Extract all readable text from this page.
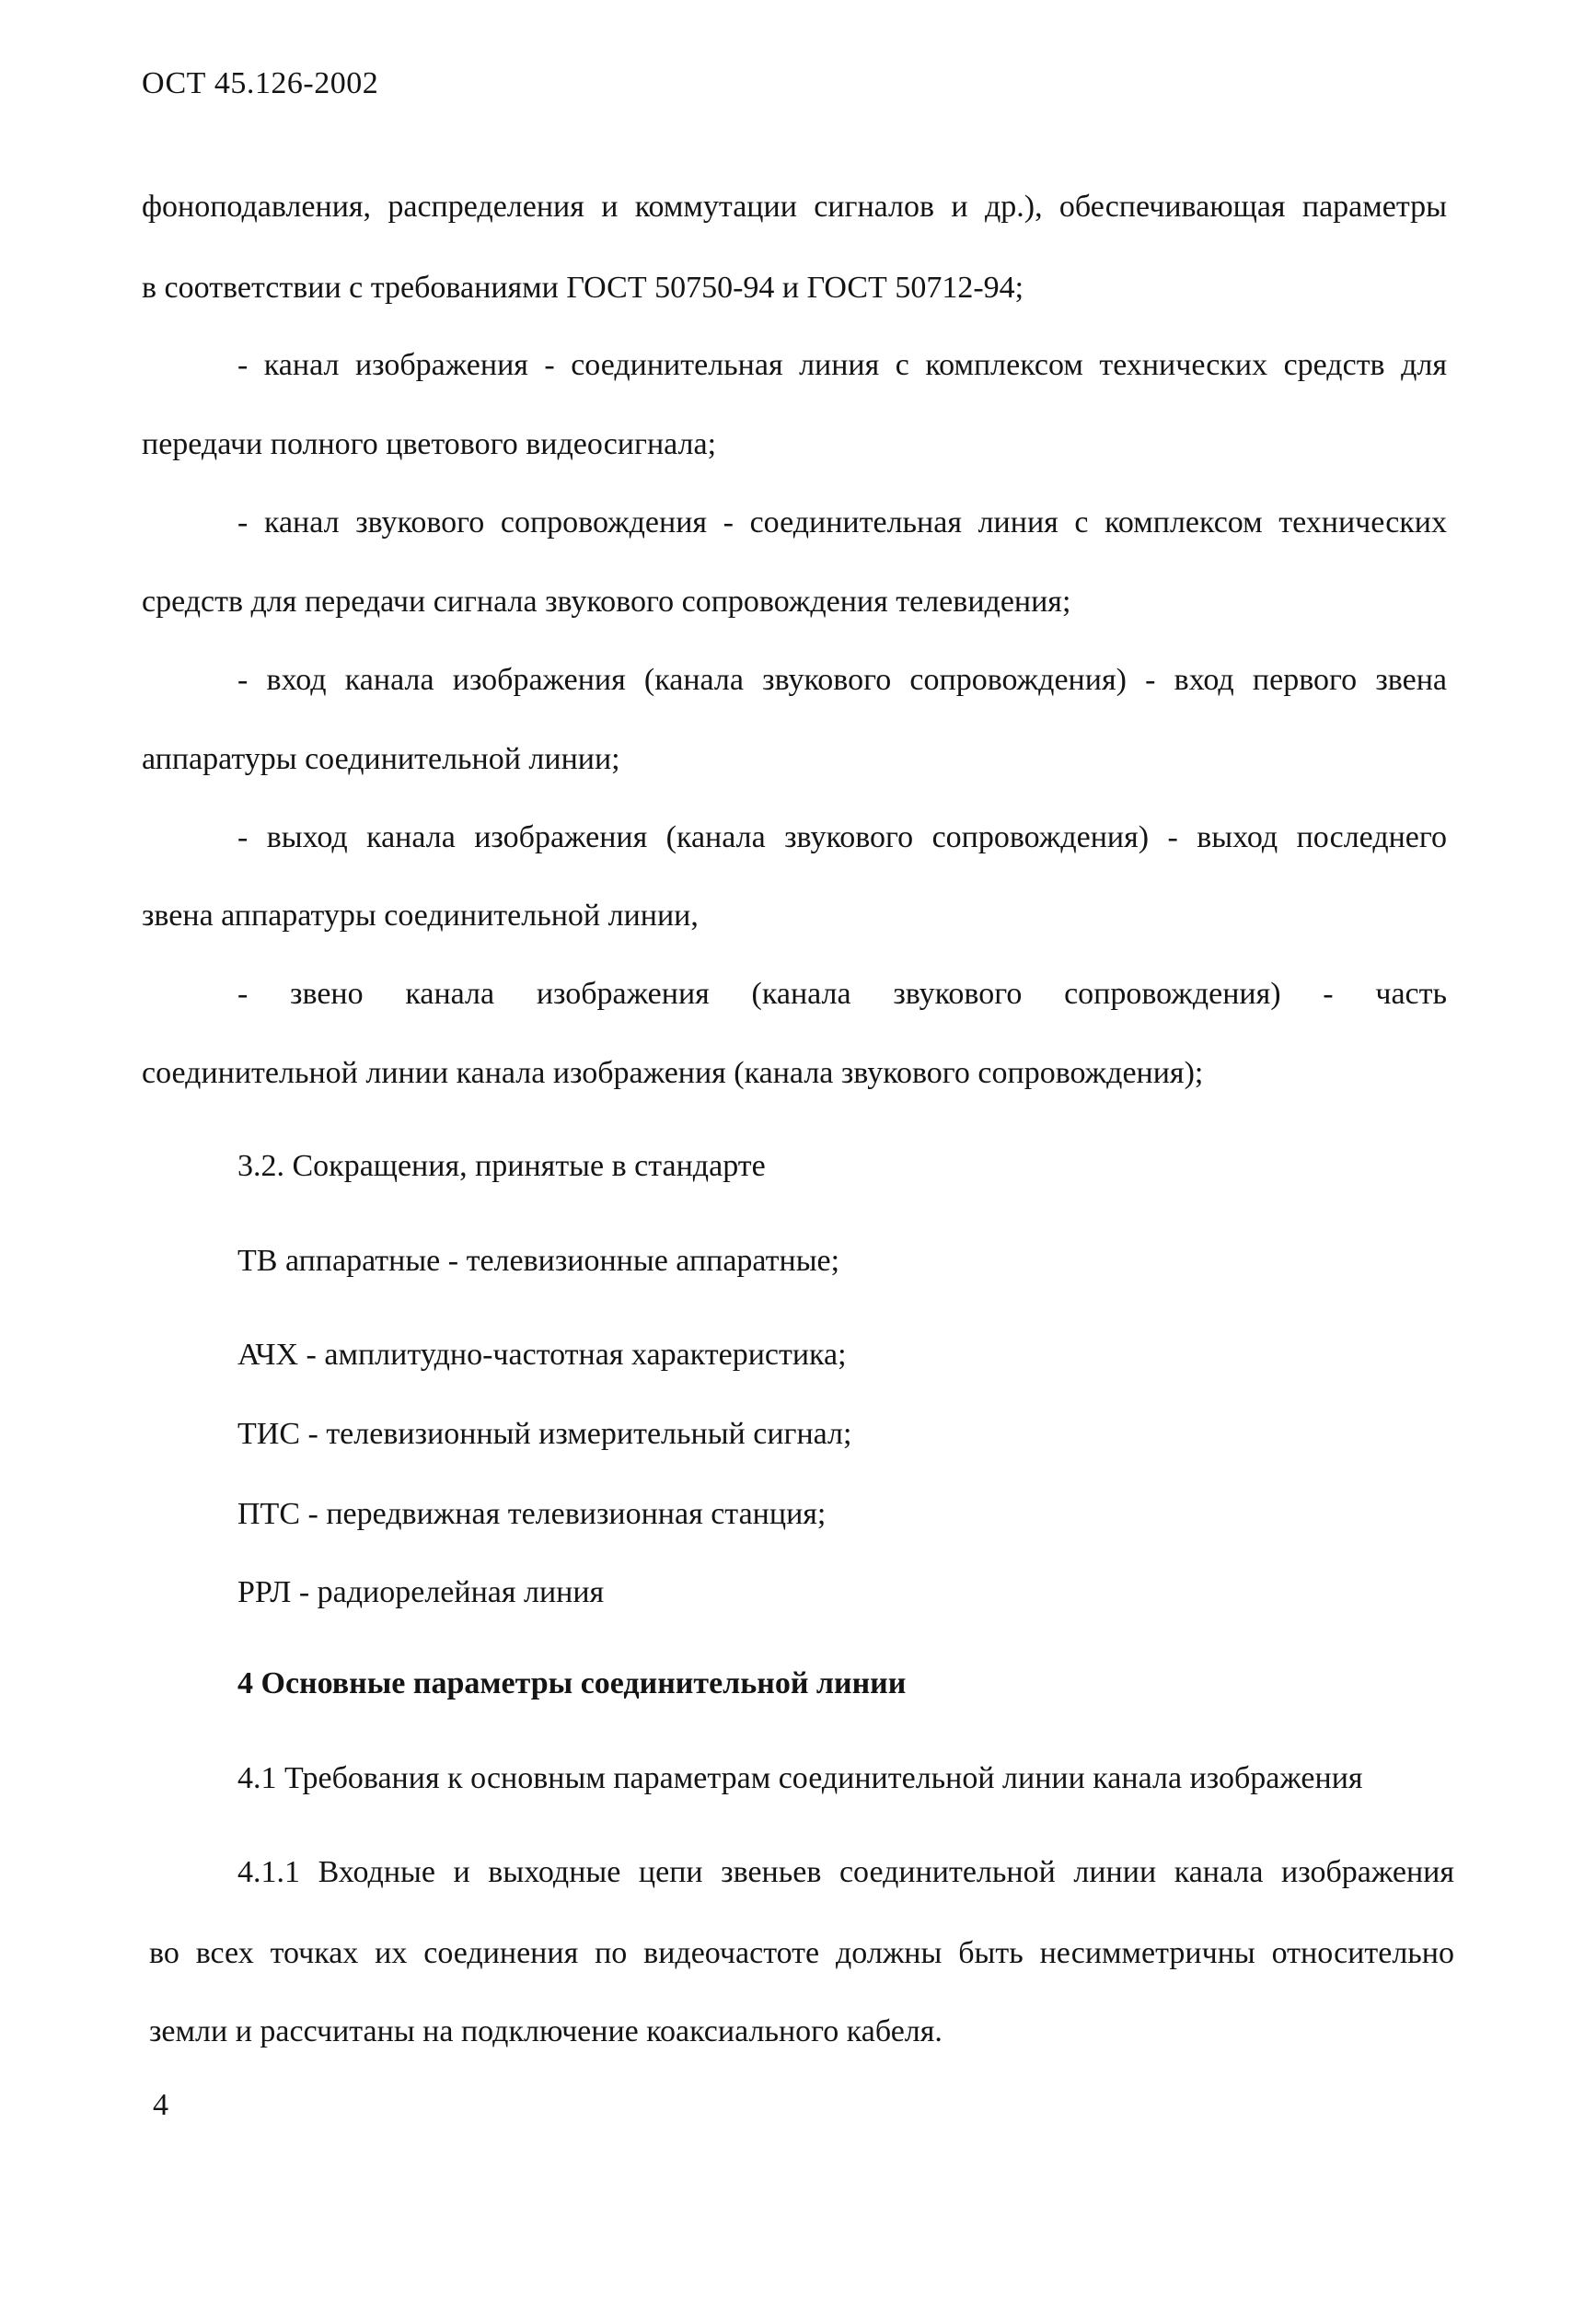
ОСТ 45.126-2002
фоноподавления, распределения и коммутации сигналов и др.), обеспечивающая параметры
в соответствии с требованиями ГОСТ 50750-94 и ГОСТ 50712-94;
- канал изображения - соединительная линия с комплексом технических средств для
передачи полного цветового видеосигнала;
- канал звукового сопровождения - соединительная линия с комплексом технических
средств для передачи сигнала звукового сопровождения телевидения;
- вход канала изображения (канала звукового сопровождения) - вход первого звена
аппаратуры соединительной линии;
- выход канала изображения (канала звукового сопровождения) - выход последнего
звена аппаратуры соединительной линии,
- звено канала изображения (канала звукового сопровождения) - часть
соединительной линии канала изображения (канала звукового сопровождения);
3.2. Сокращения, принятые в стандарте
ТВ аппаратные - телевизионные аппаратные;
АЧХ - амплитудно-частотная характеристика;
ТИС - телевизионный измерительный сигнал;
ПТС - передвижная телевизионная станция;
РРЛ - радиорелейная линия
4 Основные параметры соединительной линии
4.1 Требования к основным параметрам соединительной линии канала изображения
4.1.1 Входные и выходные цепи звеньев соединительной линии канала изображения
во всех точках их соединения по видеочастоте должны быть несимметричны относительно
земли и рассчитаны на подключение коаксиального кабеля.
4
